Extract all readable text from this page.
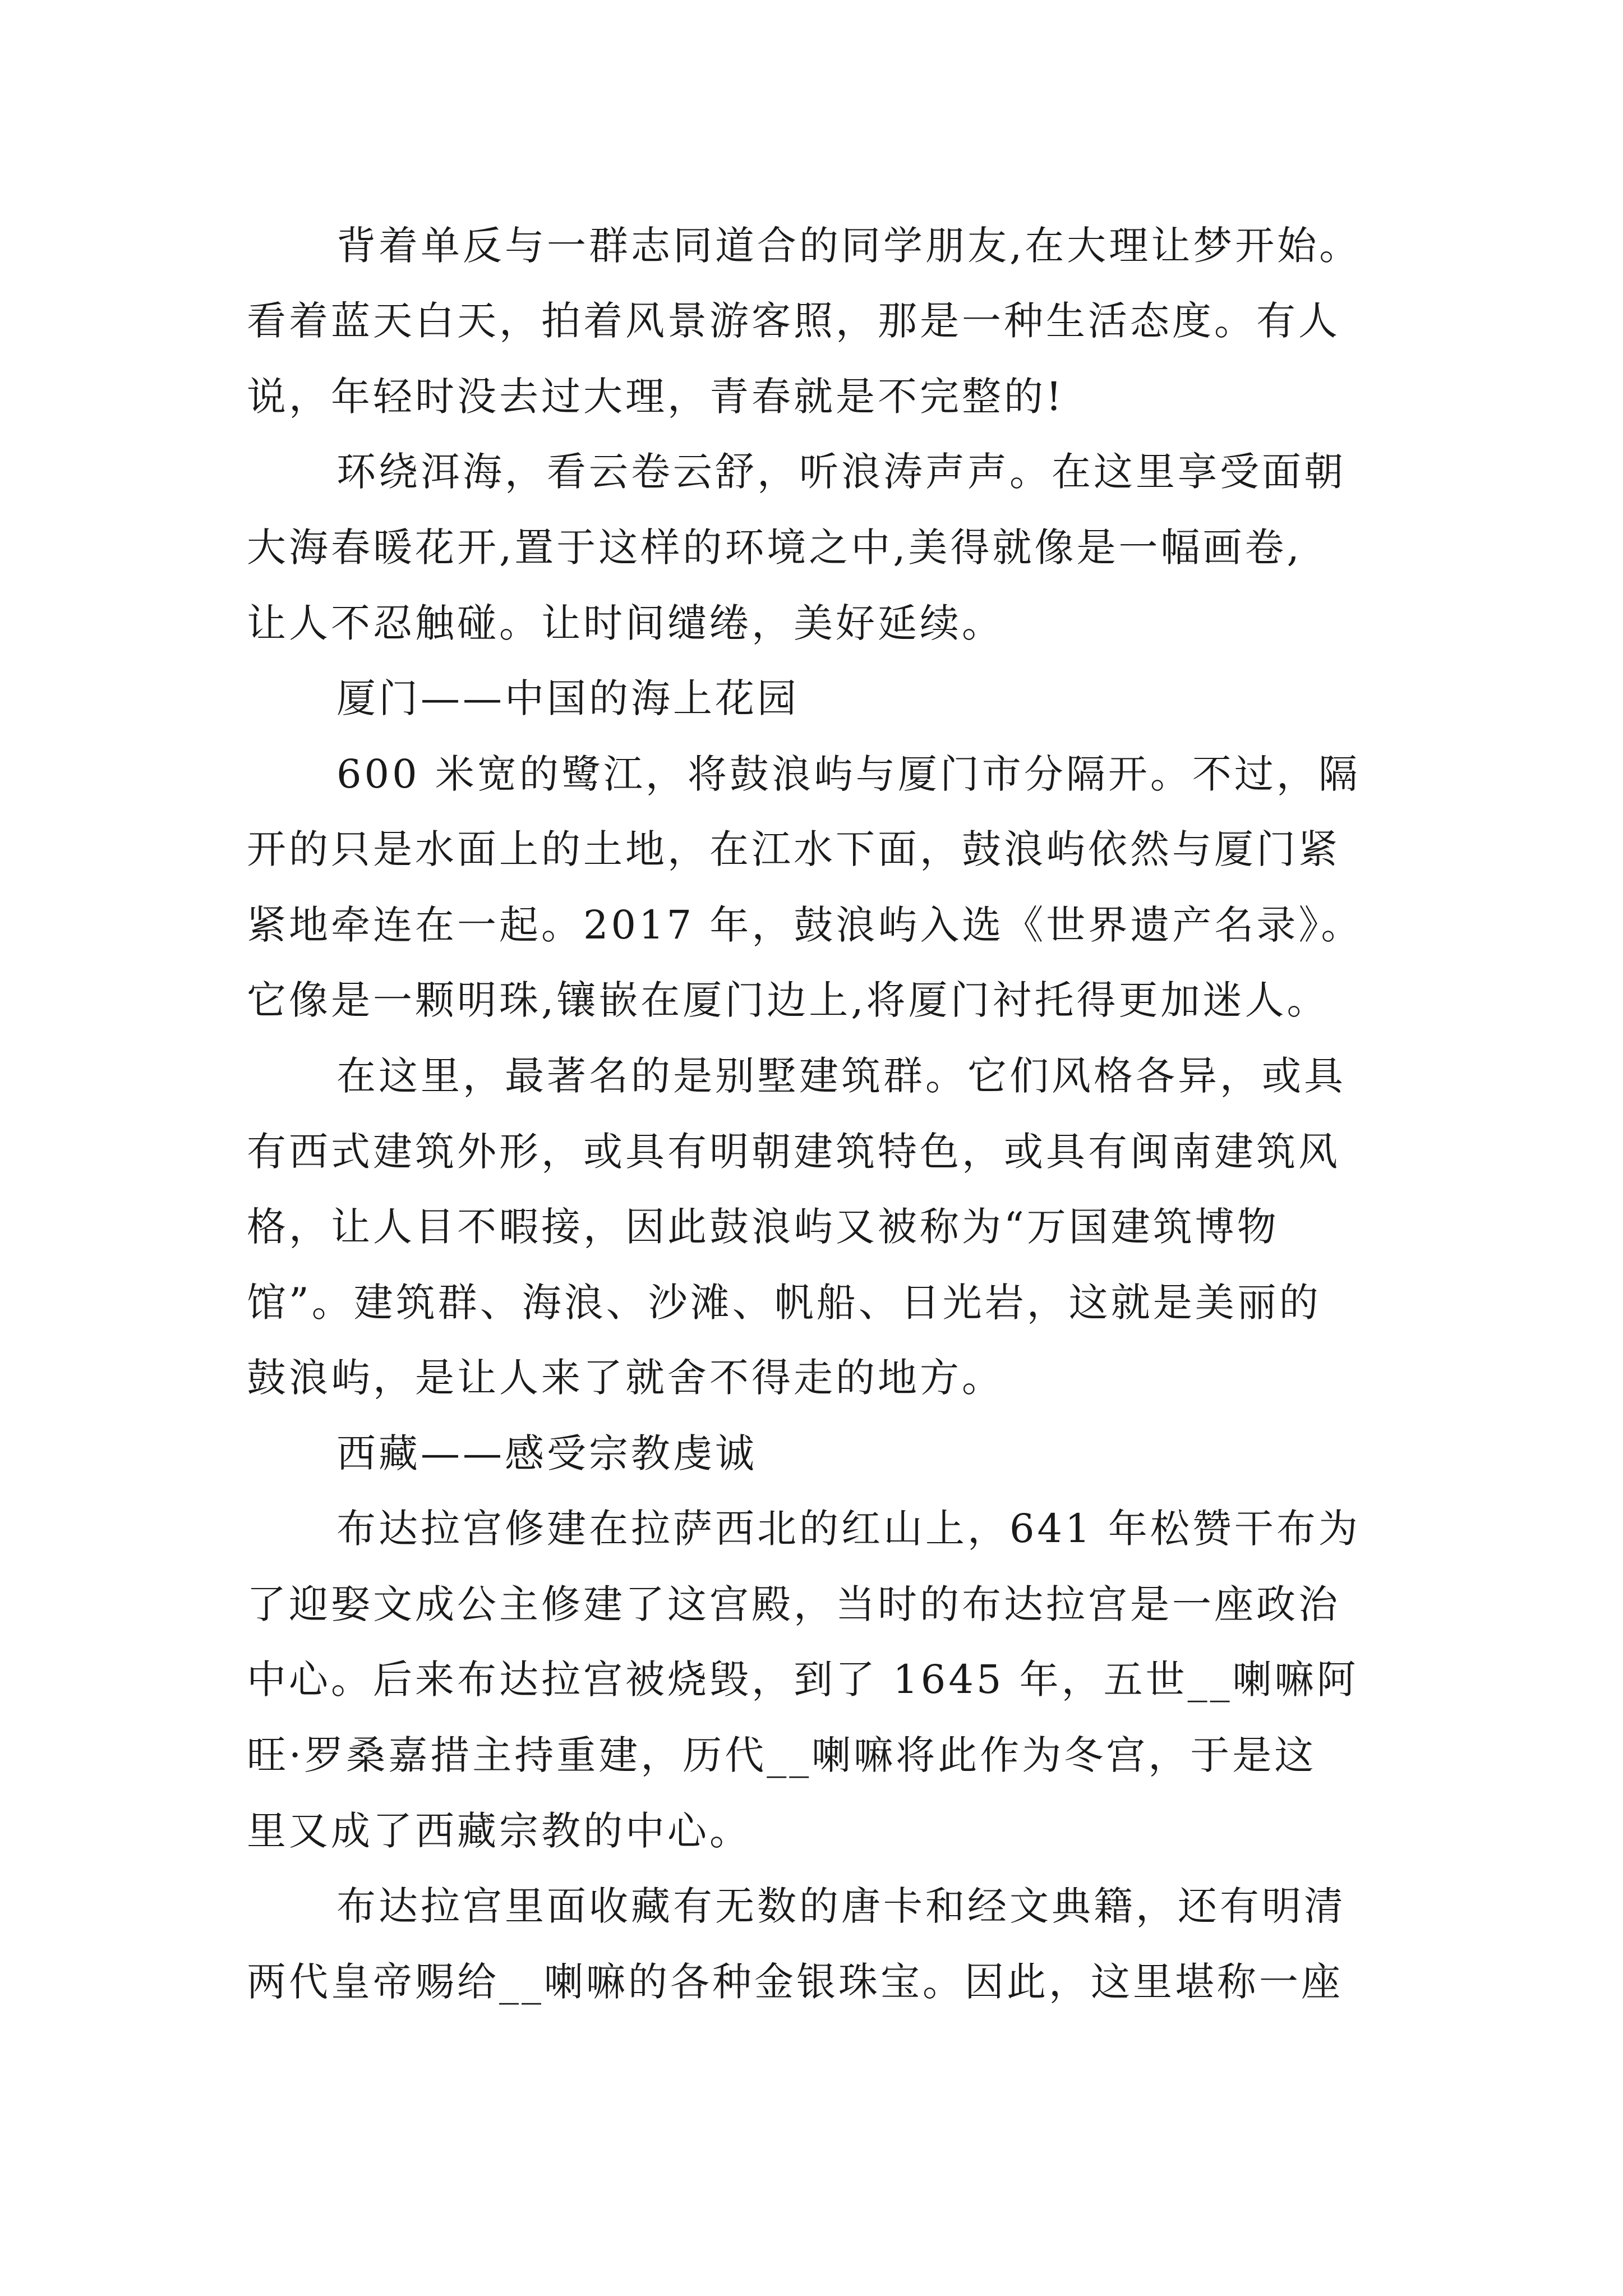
背着单反与一群志同道合的同学朋友,在大理让梦开始。

看着蓝天白天，拍着风景游客照，那是一种生活态度。有人

说，年轻时没去过大理，青春就是不完整的!

环绕洱海，看云卷云舒，听浪涛声声。在这里享受面朝

大海春暖花开,置于这样的环境之中,美得就像是一幅画卷,

让人不忍触碰。让时间缱绻，美好延续。

厦门——中国的海上花园

600 米宽的鹭江，将鼓浪屿与厦门市分隔开。不过，隔

开的只是水面上的土地，在江水下面，鼓浪屿依然与厦门紧

紧地牵连在一起。2017 年，鼓浪屿入选《世界遗产名录》。

它像是一颗明珠,镶嵌在厦门边上,将厦门衬托得更加迷人。

在这里，最著名的是别墅建筑群。它们风格各异，或具

有西式建筑外形，或具有明朝建筑特色，或具有闽南建筑风

格，让人目不暇接，因此鼓浪屿又被称为“万国建筑博物

馆”。建筑群、海浪、沙滩、帆船、日光岩，这就是美丽的

鼓浪屿，是让人来了就舍不得走的地方。

西藏——感受宗教虔诚

布达拉宫修建在拉萨西北的红山上，641 年松赞干布为

了迎娶文成公主修建了这宫殿，当时的布达拉宫是一座政治

中心。后来布达拉宫被烧毁，到了 1645 年，五世__喇嘛阿

旺·罗桑嘉措主持重建，历代__喇嘛将此作为冬宫，于是这

里又成了西藏宗教的中心。

布达拉宫里面收藏有无数的唐卡和经文典籍，还有明清

两代皇帝赐给__喇嘛的各种金银珠宝。因此，这里堪称一座
